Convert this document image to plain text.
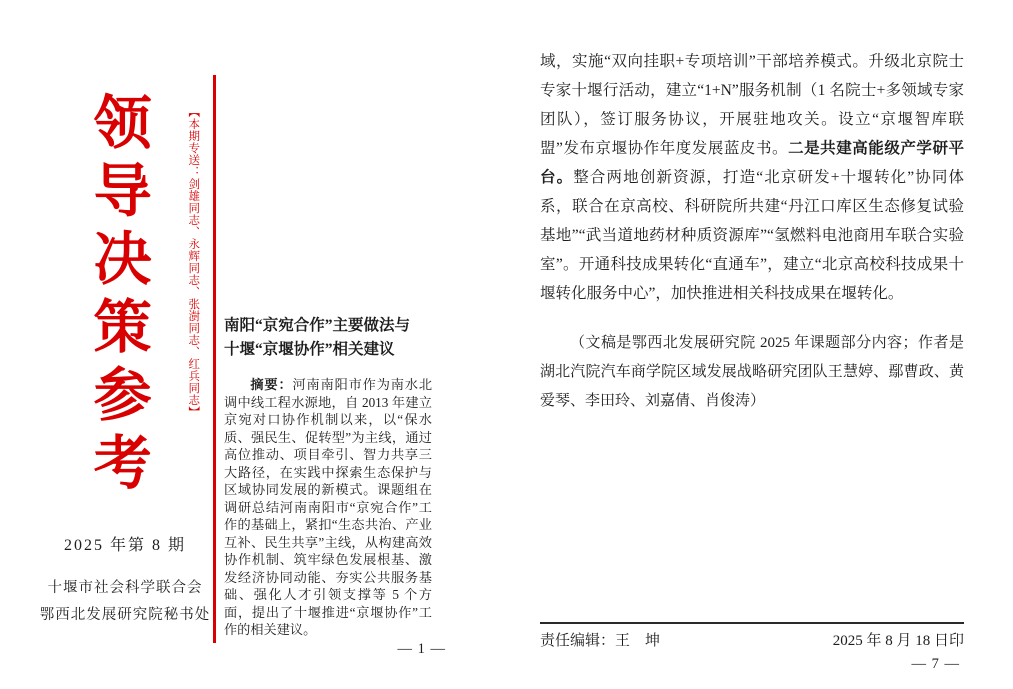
领导决策参考	【本期专送：剑雄同志、永辉同志、张澍同志、红兵同志】
2025 年第 8 期
十堰市社会科学联合会
鄂西北发展研究院秘书处
南阳“京宛合作”主要做法与
十堰“京堰协作”相关建议

摘要：河南南阳市作为南水北调中线工程水源地，自 2013 年建立京宛对口协作机制以来，以“保水质、强民生、促转型”为主线，通过高位推动、项目牵引、智力共享三大路径，在实践中探索生态保护与区域协同发展的新模式。课题组在调研总结河南南阳市“京宛合作”工作的基础上，紧扣“生态共治、产业互补、民生共享”主线，从构建高效协作机制、筑牢绿色发展根基、激发经济协同动能、夯实公共服务基础、强化人才引领支撑等 5 个方面，提出了十堰推进“京堰协作”工作的相关建议。

— 1 —

域，实施“双向挂职+专项培训”干部培养模式。升级北京院士专家十堰行活动，建立“1+N”服务机制（1 名院士+多领域专家团队），签订服务协议，开展驻地攻关。设立“京堰智库联盟”发布京堰协作年度发展蓝皮书。二是共建高能级产学研平台。整合两地创新资源，打造“北京研发+十堰转化”协同体系，联合在京高校、科研院所共建“丹江口库区生态修复试验基地”“武当道地药材种质资源库”“氢燃料电池商用车联合实验室”。开通科技成果转化“直通车”，建立“北京高校科技成果十堰转化服务中心”，加快推进相关科技成果在堰转化。

（文稿是鄂西北发展研究院 2025 年课题部分内容；作者是湖北汽院汽车商学院区域发展战略研究团队王慧婷、鄢曹政、黄爱琴、李田玲、刘嘉倩、肖俊涛）

责任编辑：王　坤	2025 年 8 月 18 日印
— 7 —
